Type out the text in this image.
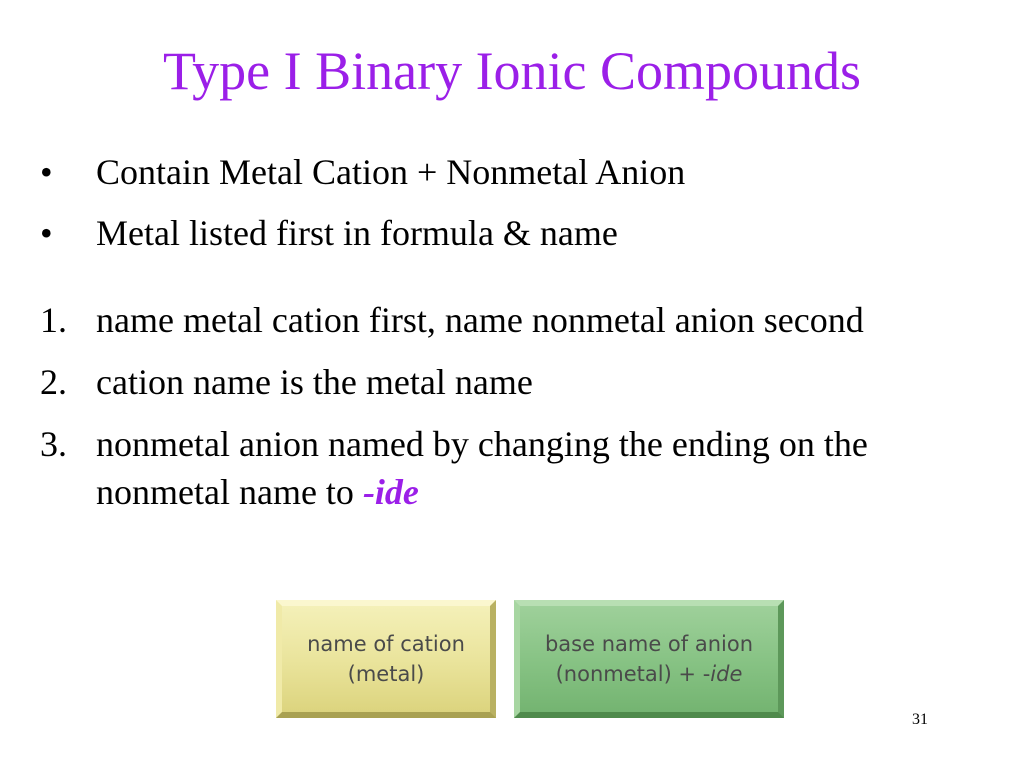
Type I Binary Ionic Compounds
•	Contain Metal Cation + Nonmetal Anion
•	Metal listed first in formula & name
1. name metal cation first, name nonmetal anion second
2. cation name is the metal name
3. nonmetal anion named by changing the ending on the nonmetal name to -ide
name of cation
(metal)
base name of anion
(nonmetal) + -ide
31
